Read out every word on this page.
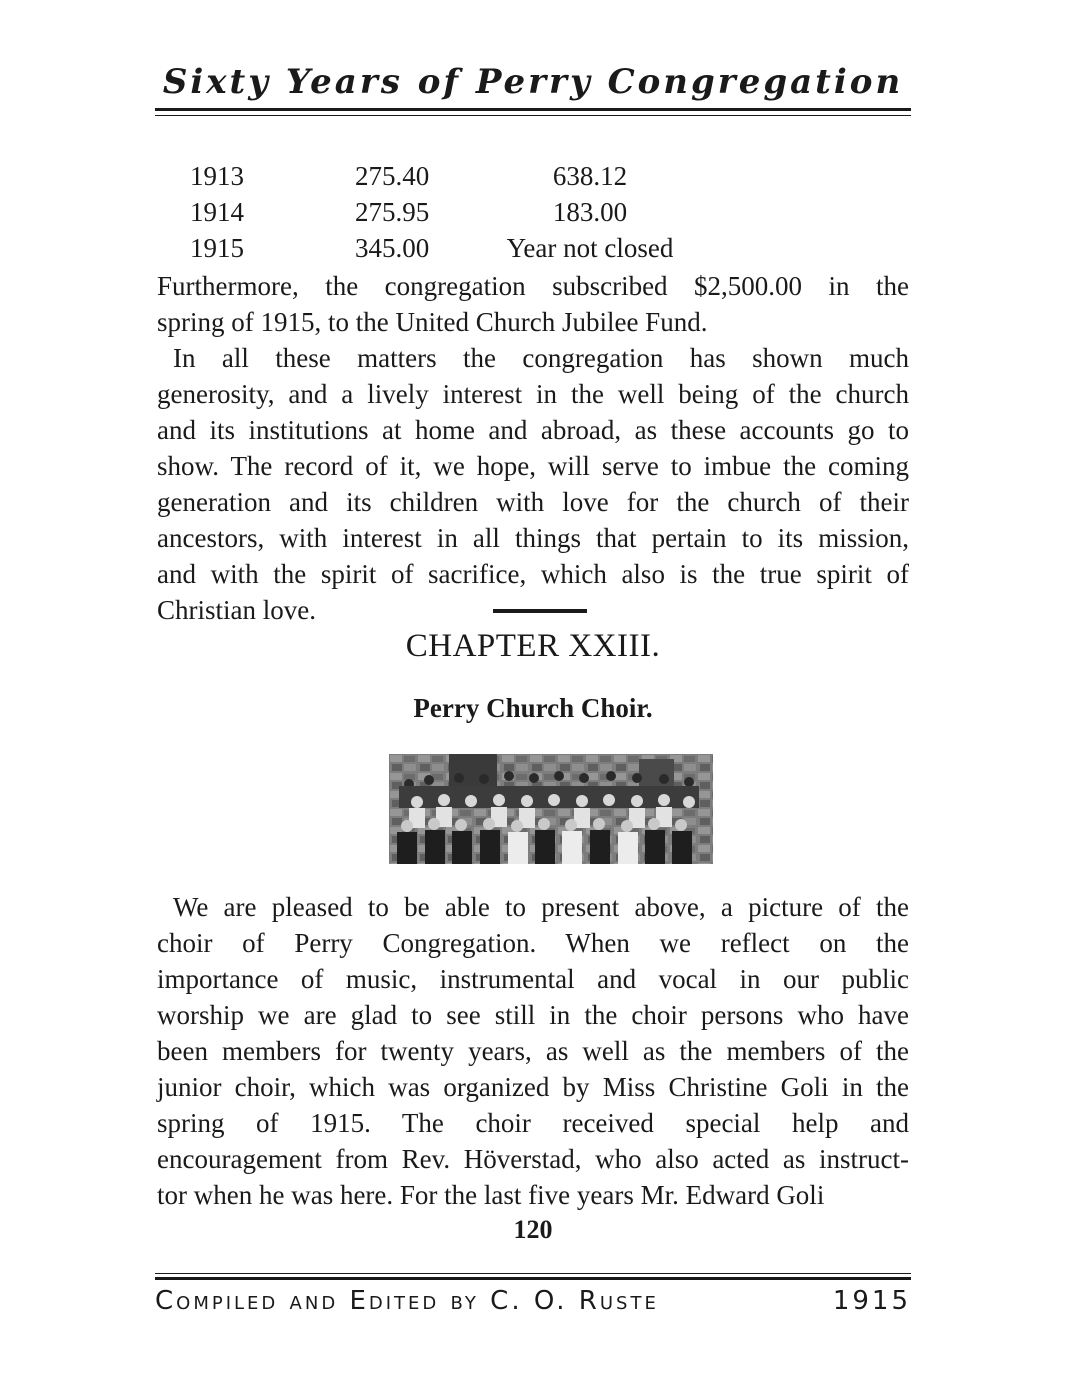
Sixty Years of Perry Congregation
1913	275.40	638.12
1914	275.95	183.00
1915	345.00	Year not closed
Furthermore, the congregation subscribed $2,500.00 in the
spring of 1915, to the United Church Jubilee Fund.
In all these matters the congregation has shown much
generosity, and a lively interest in the well being of the church
and its institutions at home and abroad, as these accounts go to
show. The record of it, we hope, will serve to imbue the coming
generation and its children with love for the church of their
ancestors, with interest in all things that pertain to its mission,
and with the spirit of sacrifice, which also is the true spirit of
Christian love.
CHAPTER XXIII.
Perry Church Choir.
We are pleased to be able to present above, a picture of the
choir of Perry Congregation. When we reflect on the
importance of music, instrumental and vocal in our public
worship we are glad to see still in the choir persons who have
been members for twenty years, as well as the members of the
junior choir, which was organized by Miss Christine Goli in the
spring of 1915. The choir received special help and
encouragement from Rev. Höverstad, who also acted as instruct-
tor when he was here. For the last five years Mr. Edward Goli
120
Compiled and Edited by C. O. Ruste	1915
